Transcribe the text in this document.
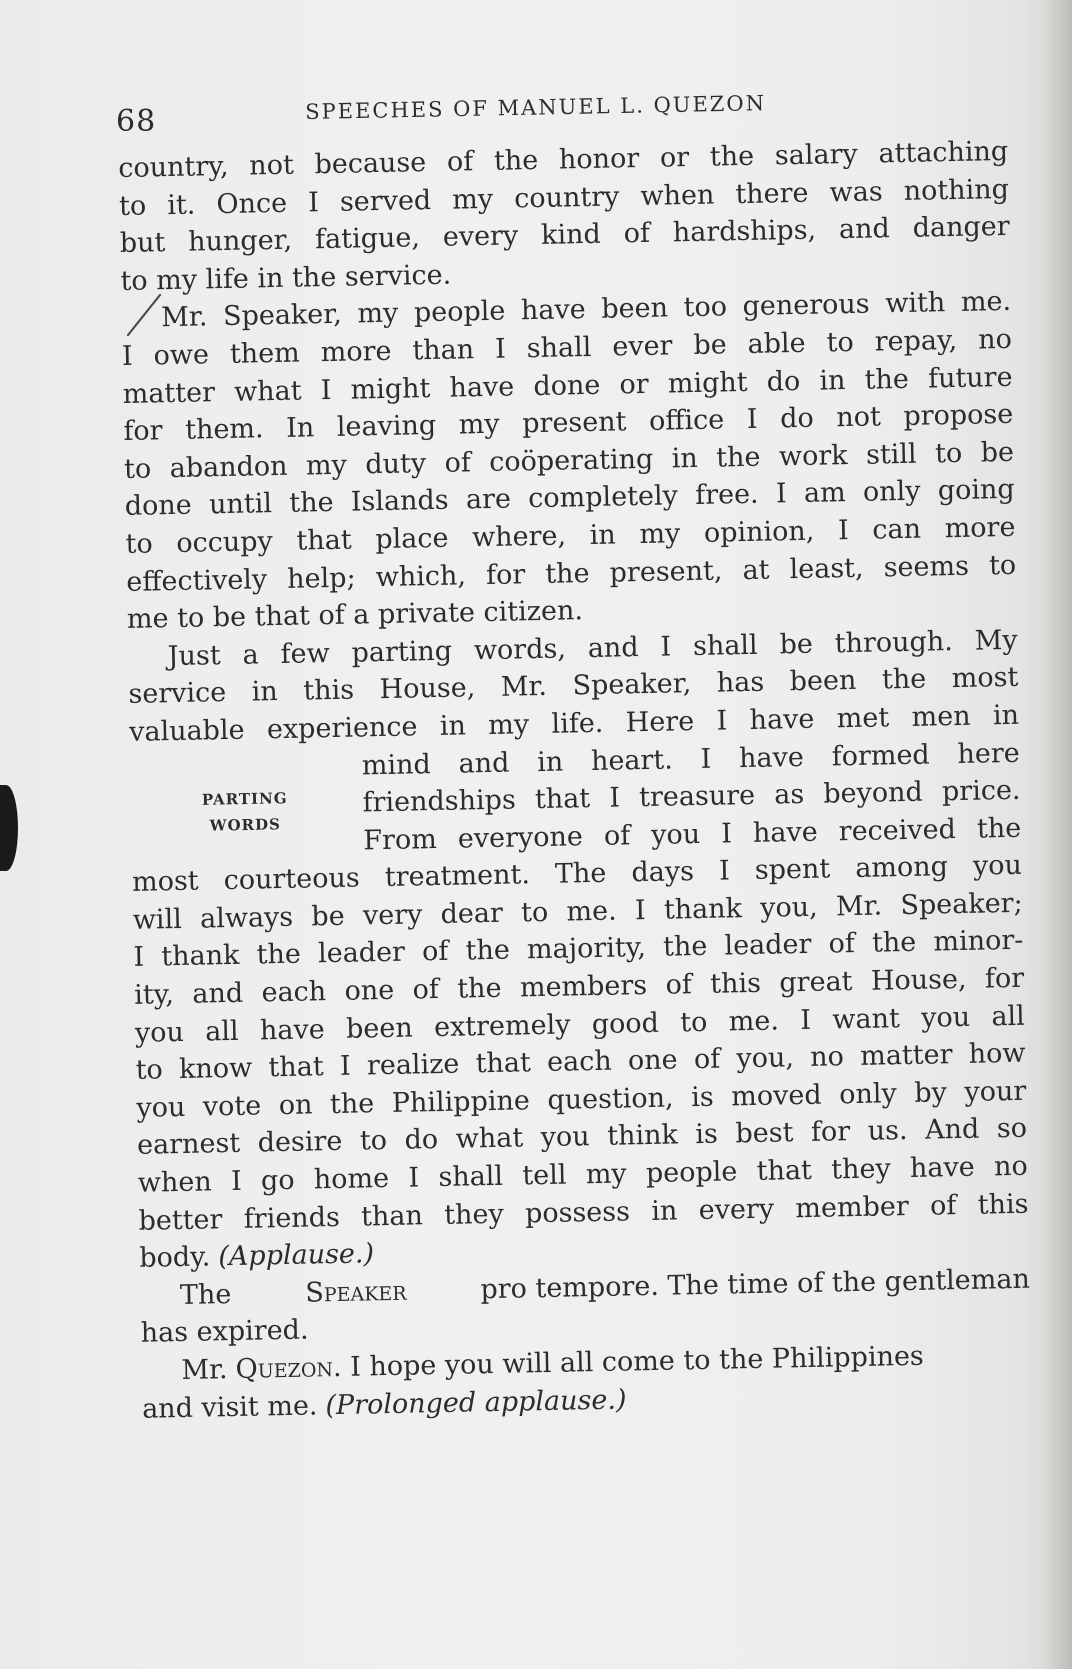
68	SPEECHES OF MANUEL L. QUEZON
country, not because of the honor or the salary attaching
to it. Once I served my country when there was nothing
but hunger, fatigue, every kind of hardships, and danger
to my life in the service.
Mr. Speaker, my people have been too generous with me.
I owe them more than I shall ever be able to repay, no
matter what I might have done or might do in the future
for them. In leaving my present office I do not propose
to abandon my duty of coöperating in the work still to be
done until the Islands are completely free. I am only going
to occupy that place where, in my opinion, I can more
effectively help; which, for the present, at least, seems to
me to be that of a private citizen.
Just a few parting words, and I shall be through. My
service in this House, Mr. Speaker, has been the most
valuable experience in my life. Here I have met men in
mind and in heart. I have formed here
friendships that I treasure as beyond price.
From everyone of you I have received the
most courteous treatment. The days I spent among you
will always be very dear to me. I thank you, Mr. Speaker;
I thank the leader of the majority, the leader of the minor-
ity, and each one of the members of this great House, for
you all have been extremely good to me. I want you all
to know that I realize that each one of you, no matter how
you vote on the Philippine question, is moved only by your
earnest desire to do what you think is best for us. And so
when I go home I shall tell my people that they have no
better friends than they possess in every member of this
body. (Applause.)
The	Speaker	pro tempore. The time of the gentleman
has expired.
Mr. Quezon . I hope you will all come to the Philippines
and visit me. (Prolonged applause.)
PARTING
WORDS
